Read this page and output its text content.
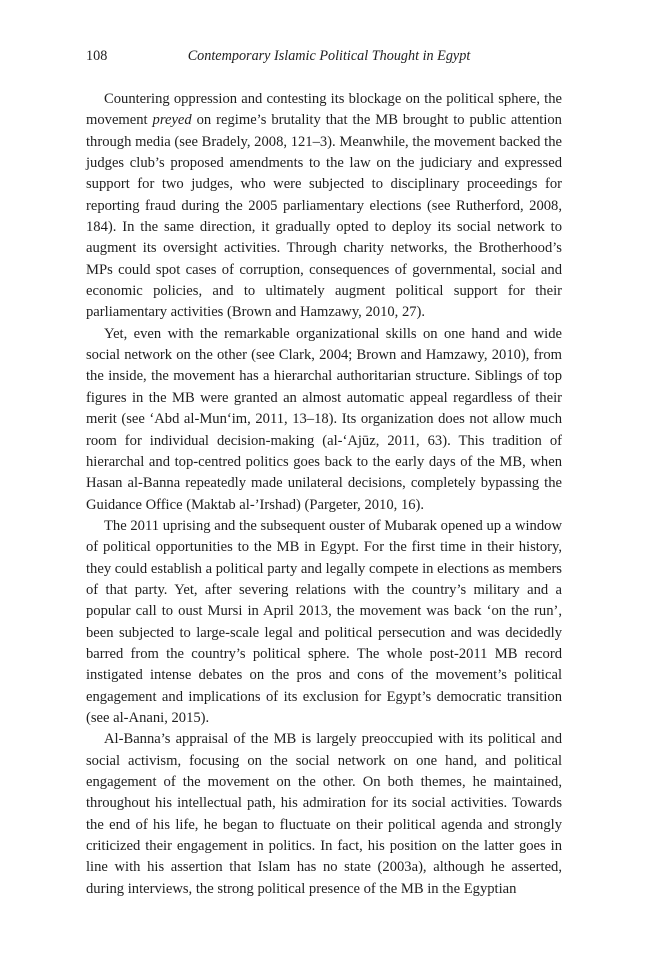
108	Contemporary Islamic Political Thought in Egypt

Countering oppression and contesting its blockage on the political sphere, the movement preyed on regime’s brutality that the MB brought to public attention through media (see Bradely, 2008, 121–3). Meanwhile, the movement backed the judges club’s proposed amendments to the law on the judiciary and expressed support for two judges, who were subjected to disciplinary proceedings for reporting fraud during the 2005 parliamentary elections (see Rutherford, 2008, 184). In the same direction, it gradually opted to deploy its social network to augment its oversight activities. Through charity networks, the Brotherhood’s MPs could spot cases of corruption, consequences of governmental, social and economic policies, and to ultimately augment political support for their parliamentary activities (Brown and Hamzawy, 2010, 27).

Yet, even with the remarkable organizational skills on one hand and wide social network on the other (see Clark, 2004; Brown and Hamzawy, 2010), from the inside, the movement has a hierarchal authoritarian structure. Siblings of top figures in the MB were granted an almost automatic appeal regardless of their merit (see ‘Abd al-Mun‘im, 2011, 13–18). Its organization does not allow much room for individual decision-making (al-‘Ajūz, 2011, 63). This tradition of hierarchal and top-centred politics goes back to the early days of the MB, when Hasan al-Banna repeatedly made unilateral decisions, completely bypassing the Guidance Office (Maktab al-’Irshad) (Pargeter, 2010, 16).

The 2011 uprising and the subsequent ouster of Mubarak opened up a window of political opportunities to the MB in Egypt. For the first time in their history, they could establish a political party and legally compete in elections as members of that party. Yet, after severing relations with the country’s military and a popular call to oust Mursi in April 2013, the movement was back ‘on the run’, been subjected to large-scale legal and political persecution and was decidedly barred from the country’s political sphere. The whole post-2011 MB record instigated intense debates on the pros and cons of the movement’s political engagement and implications of its exclusion for Egypt’s democratic transition (see al-Anani, 2015).

Al-Banna’s appraisal of the MB is largely preoccupied with its political and social activism, focusing on the social network on one hand, and political engagement of the movement on the other. On both themes, he maintained, throughout his intellectual path, his admiration for its social activities. Towards the end of his life, he began to fluctuate on their political agenda and strongly criticized their engagement in politics. In fact, his position on the latter goes in line with his assertion that Islam has no state (2003a), although he asserted, during interviews, the strong political presence of the MB in the Egyptian
